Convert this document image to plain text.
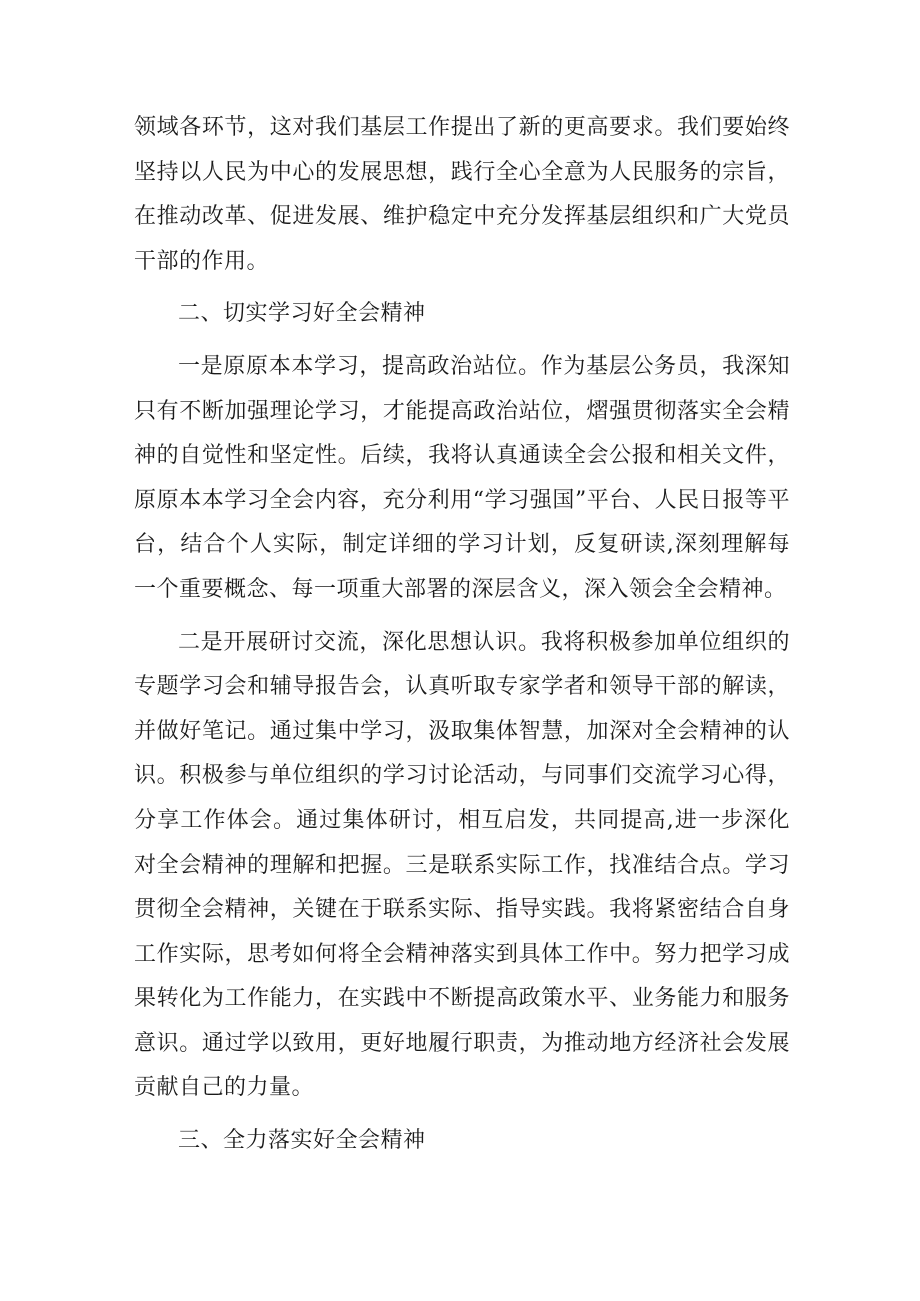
领域各环节，这对我们基层工作提出了新的更高要求。我们要始终坚持以人民为中心的发展思想，践行全心全意为人民服务的宗旨，在推动改革、促进发展、维护稳定中充分发挥基层组织和广大党员干部的作用。

二、切实学习好全会精神

一是原原本本学习，提高政治站位。作为基层公务员，我深知只有不断加强理论学习，才能提高政治站位，熠强贯彻落实全会精神的自觉性和坚定性。后续，我将认真通读全会公报和相关文件，原原本本学习全会内容，充分利用“学习强国”平台、人民日报等平台，结合个人实际，制定详细的学习计划，反复研读,深刻理解每一个重要概念、每一项重大部署的深层含义，深入领会全会精神。

二是开展研讨交流，深化思想认识。我将积极参加单位组织的专题学习会和辅导报告会，认真听取专家学者和领导干部的解读，并做好笔记。通过集中学习，汲取集体智慧，加深对全会精神的认识。积极参与单位组织的学习讨论活动，与同事们交流学习心得，分享工作体会。通过集体研讨，相互启发，共同提高,进一步深化对全会精神的理解和把握。三是联系实际工作，找准结合点。学习贯彻全会精神，关键在于联系实际、指导实践。我将紧密结合自身工作实际，思考如何将全会精神落实到具体工作中。努力把学习成果转化为工作能力，在实践中不断提高政策水平、业务能力和服务意识。通过学以致用，更好地履行职责，为推动地方经济社会发展贡献自己的力量。

三、全力落实好全会精神
